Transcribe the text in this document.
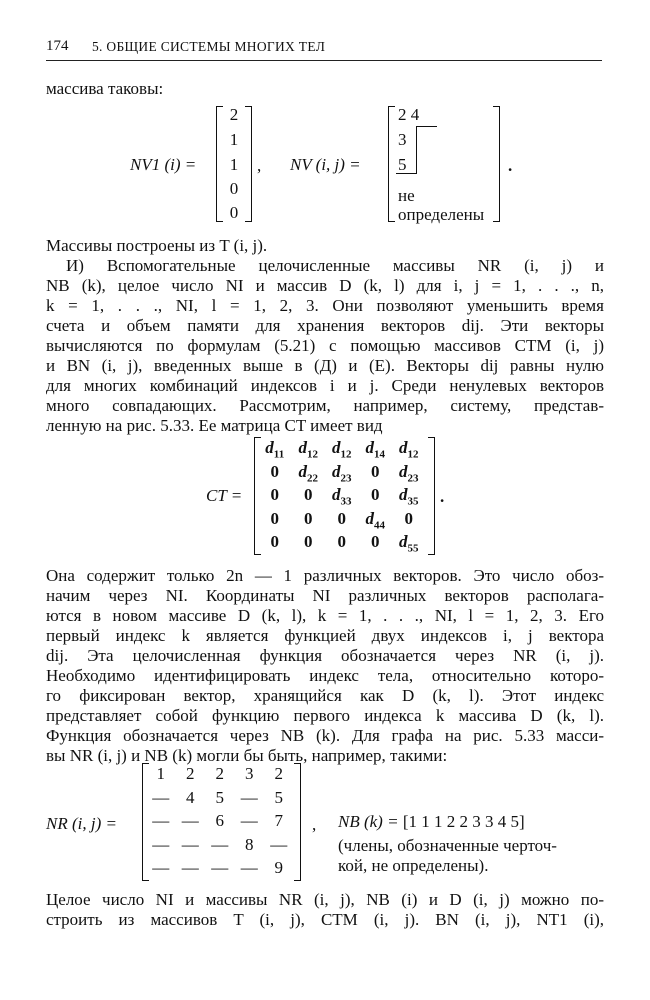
174 5. ОБЩИЕ СИСТЕМЫ МНОГИХ ТЕЛ
массива таковы:
NV1 (i) =
2
1
1
0
0
, NV (i, j) =
2 4
3
5
не
определены
.
Массивы построены из T (i, j).
И) Вспомогательные целочисленные массивы NR (i, j) и
NB (k), целое число NI и массив D (k, l) для i, j = 1, . . ., n,
k = 1, . . ., NI, l = 1, 2, 3. Они позволяют уменьшить время
счета и объем памяти для хранения векторов dij. Эти векторы
вычисляются по формулам (5.21) с помощью массивов CTM (i, j)
и BN (i, j), введенных выше в (Д) и (Е). Векторы dij равны нулю
для многих комбинаций индексов i и j. Среди ненулевых векторов
много совпадающих. Рассмотрим, например, систему, представ-
ленную на рис. 5.33. Ее матрица CT имеет вид
CT =
$d_{11}$ $d_{12}$ $d_{12}$ $d_{14}$ $d_{12}$
0	$d_{22}$ $d_{23}$	0	$d_{23}$
0	0	$d_{33}$	0	$d_{35}$
0	0	0	$d_{44}$	0
0	0	0	0	$d_{55}$
.
Она содержит только 2n — 1 различных векторов. Это число обоз-
начим через NI. Координаты NI различных векторов располага-
ются в новом массиве D (k, l), k = 1, . . ., NI, l = 1, 2, 3. Его
первый индекс k является функцией двух индексов i, j вектора
dij. Эта целочисленная функция обозначается через NR (i, j).
Необходимо идентифицировать индекс тела, относительно которо-
го фиксирован вектор, хранящийся как D (k, l). Этот индекс
представляет собой функцию первого индекса k массива D (k, l).
Функция обозначается через NB (k). Для графа на рис. 5.33 масси-
вы NR (i, j) и NB (k) могли бы быть, например, такими:
NR (i, j) =
1	2	2	3	2
— 4	5 — 5
— — 6 — 7
— — — 8 —
— — — — 9
, NB (k) = [1 1 1 2 2 3 3 4 5]
(члены, обозначенные черточ-
кой, не определены).
Целое число NI и массивы NR (i, j), NB (i) и D (i, j) можно по-
строить из массивов T (i, j), CTM (i, j). BN (i, j), NT1 (i),
